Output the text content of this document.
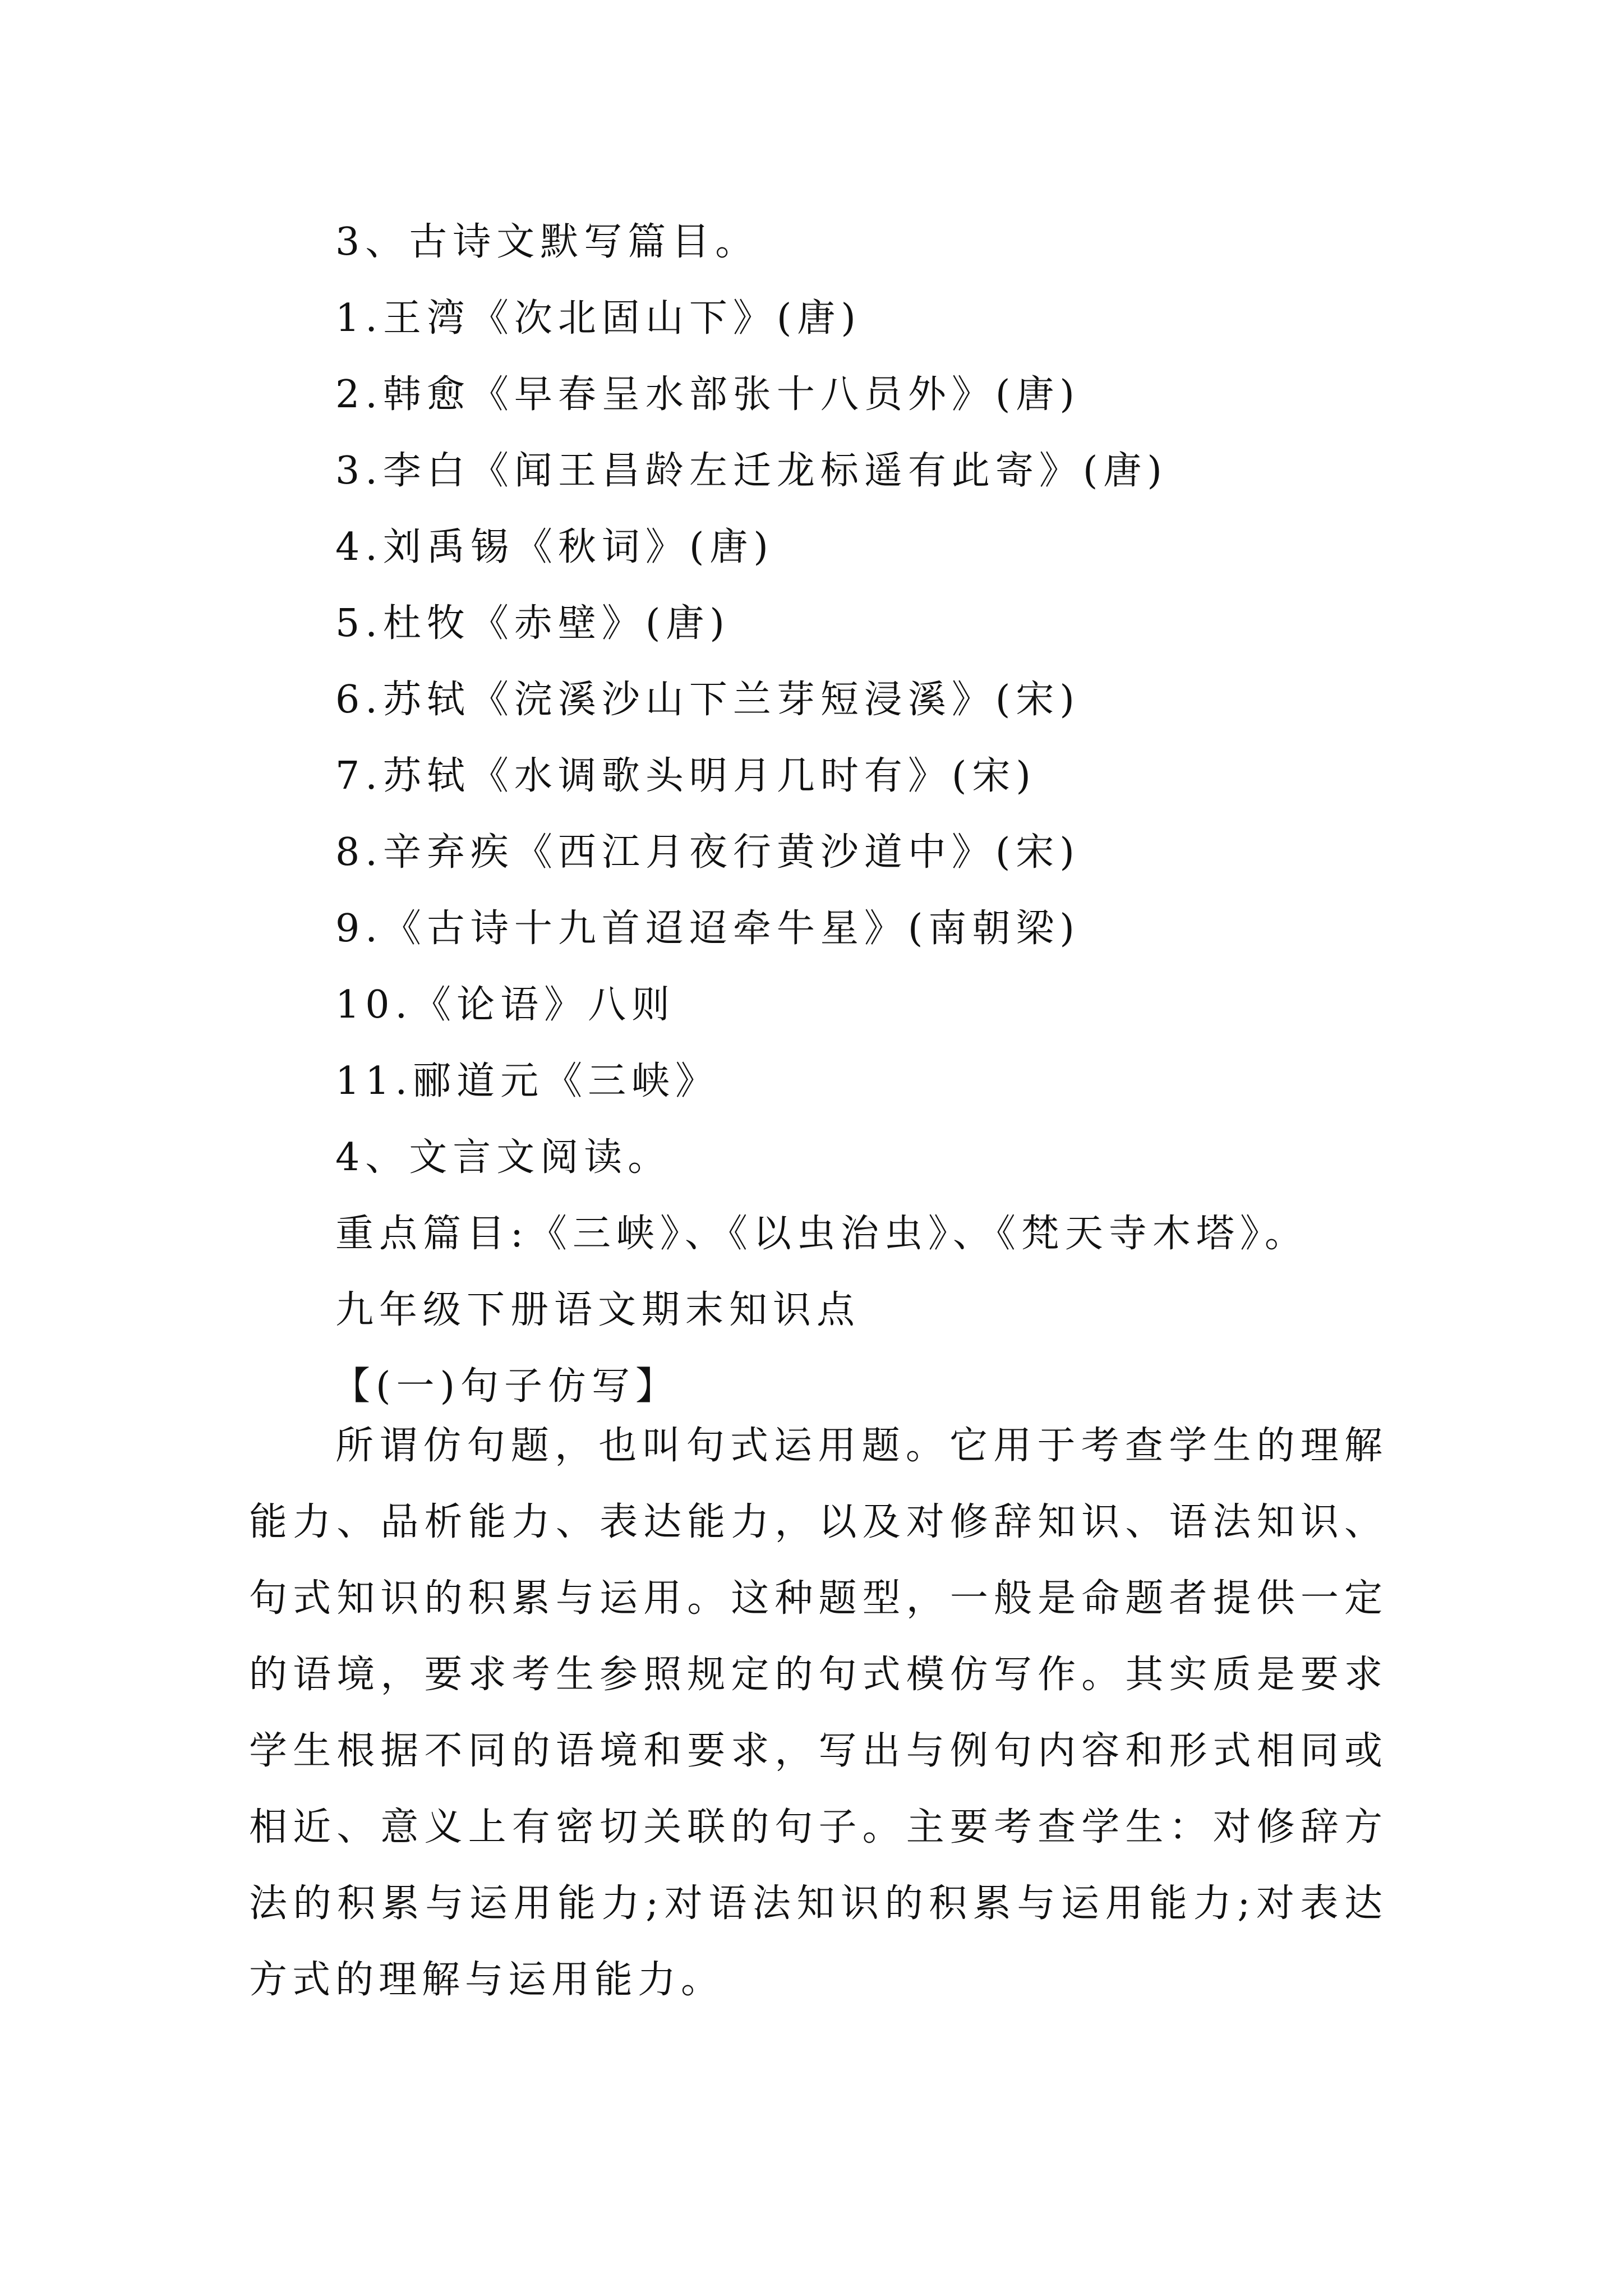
3、古诗文默写篇目。
1.王湾《次北固山下》(唐)
2.韩愈《早春呈水部张十八员外》(唐)
3.李白《闻王昌龄左迁龙标遥有此寄》(唐)
4.刘禹锡《秋词》(唐)
5.杜牧《赤壁》(唐)
6.苏轼《浣溪沙山下兰芽短浸溪》(宋)
7.苏轼《水调歌头明月几时有》(宋)
8.辛弃疾《西江月夜行黄沙道中》(宋)
9.《古诗十九首迢迢牵牛星》(南朝梁)
10.《论语》八则
11.郦道元《三峡》
4、文言文阅读。
重点篇目:《三峡》、《以虫治虫》、《梵天寺木塔》。
九年级下册语文期末知识点
【(一)句子仿写】
所谓仿句题，也叫句式运用题。它用于考查学生的理解能力、品析能力、表达能力，以及对修辞知识、语法知识、句式知识的积累与运用。这种题型，一般是命题者提供一定的语境，要求考生参照规定的句式模仿写作。其实质是要求学生根据不同的语境和要求，写出与例句内容和形式相同或相近、意义上有密切关联的句子。主要考查学生：对修辞方法的积累与运用能力;对语法知识的积累与运用能力;对表达方式的理解与运用能力。
